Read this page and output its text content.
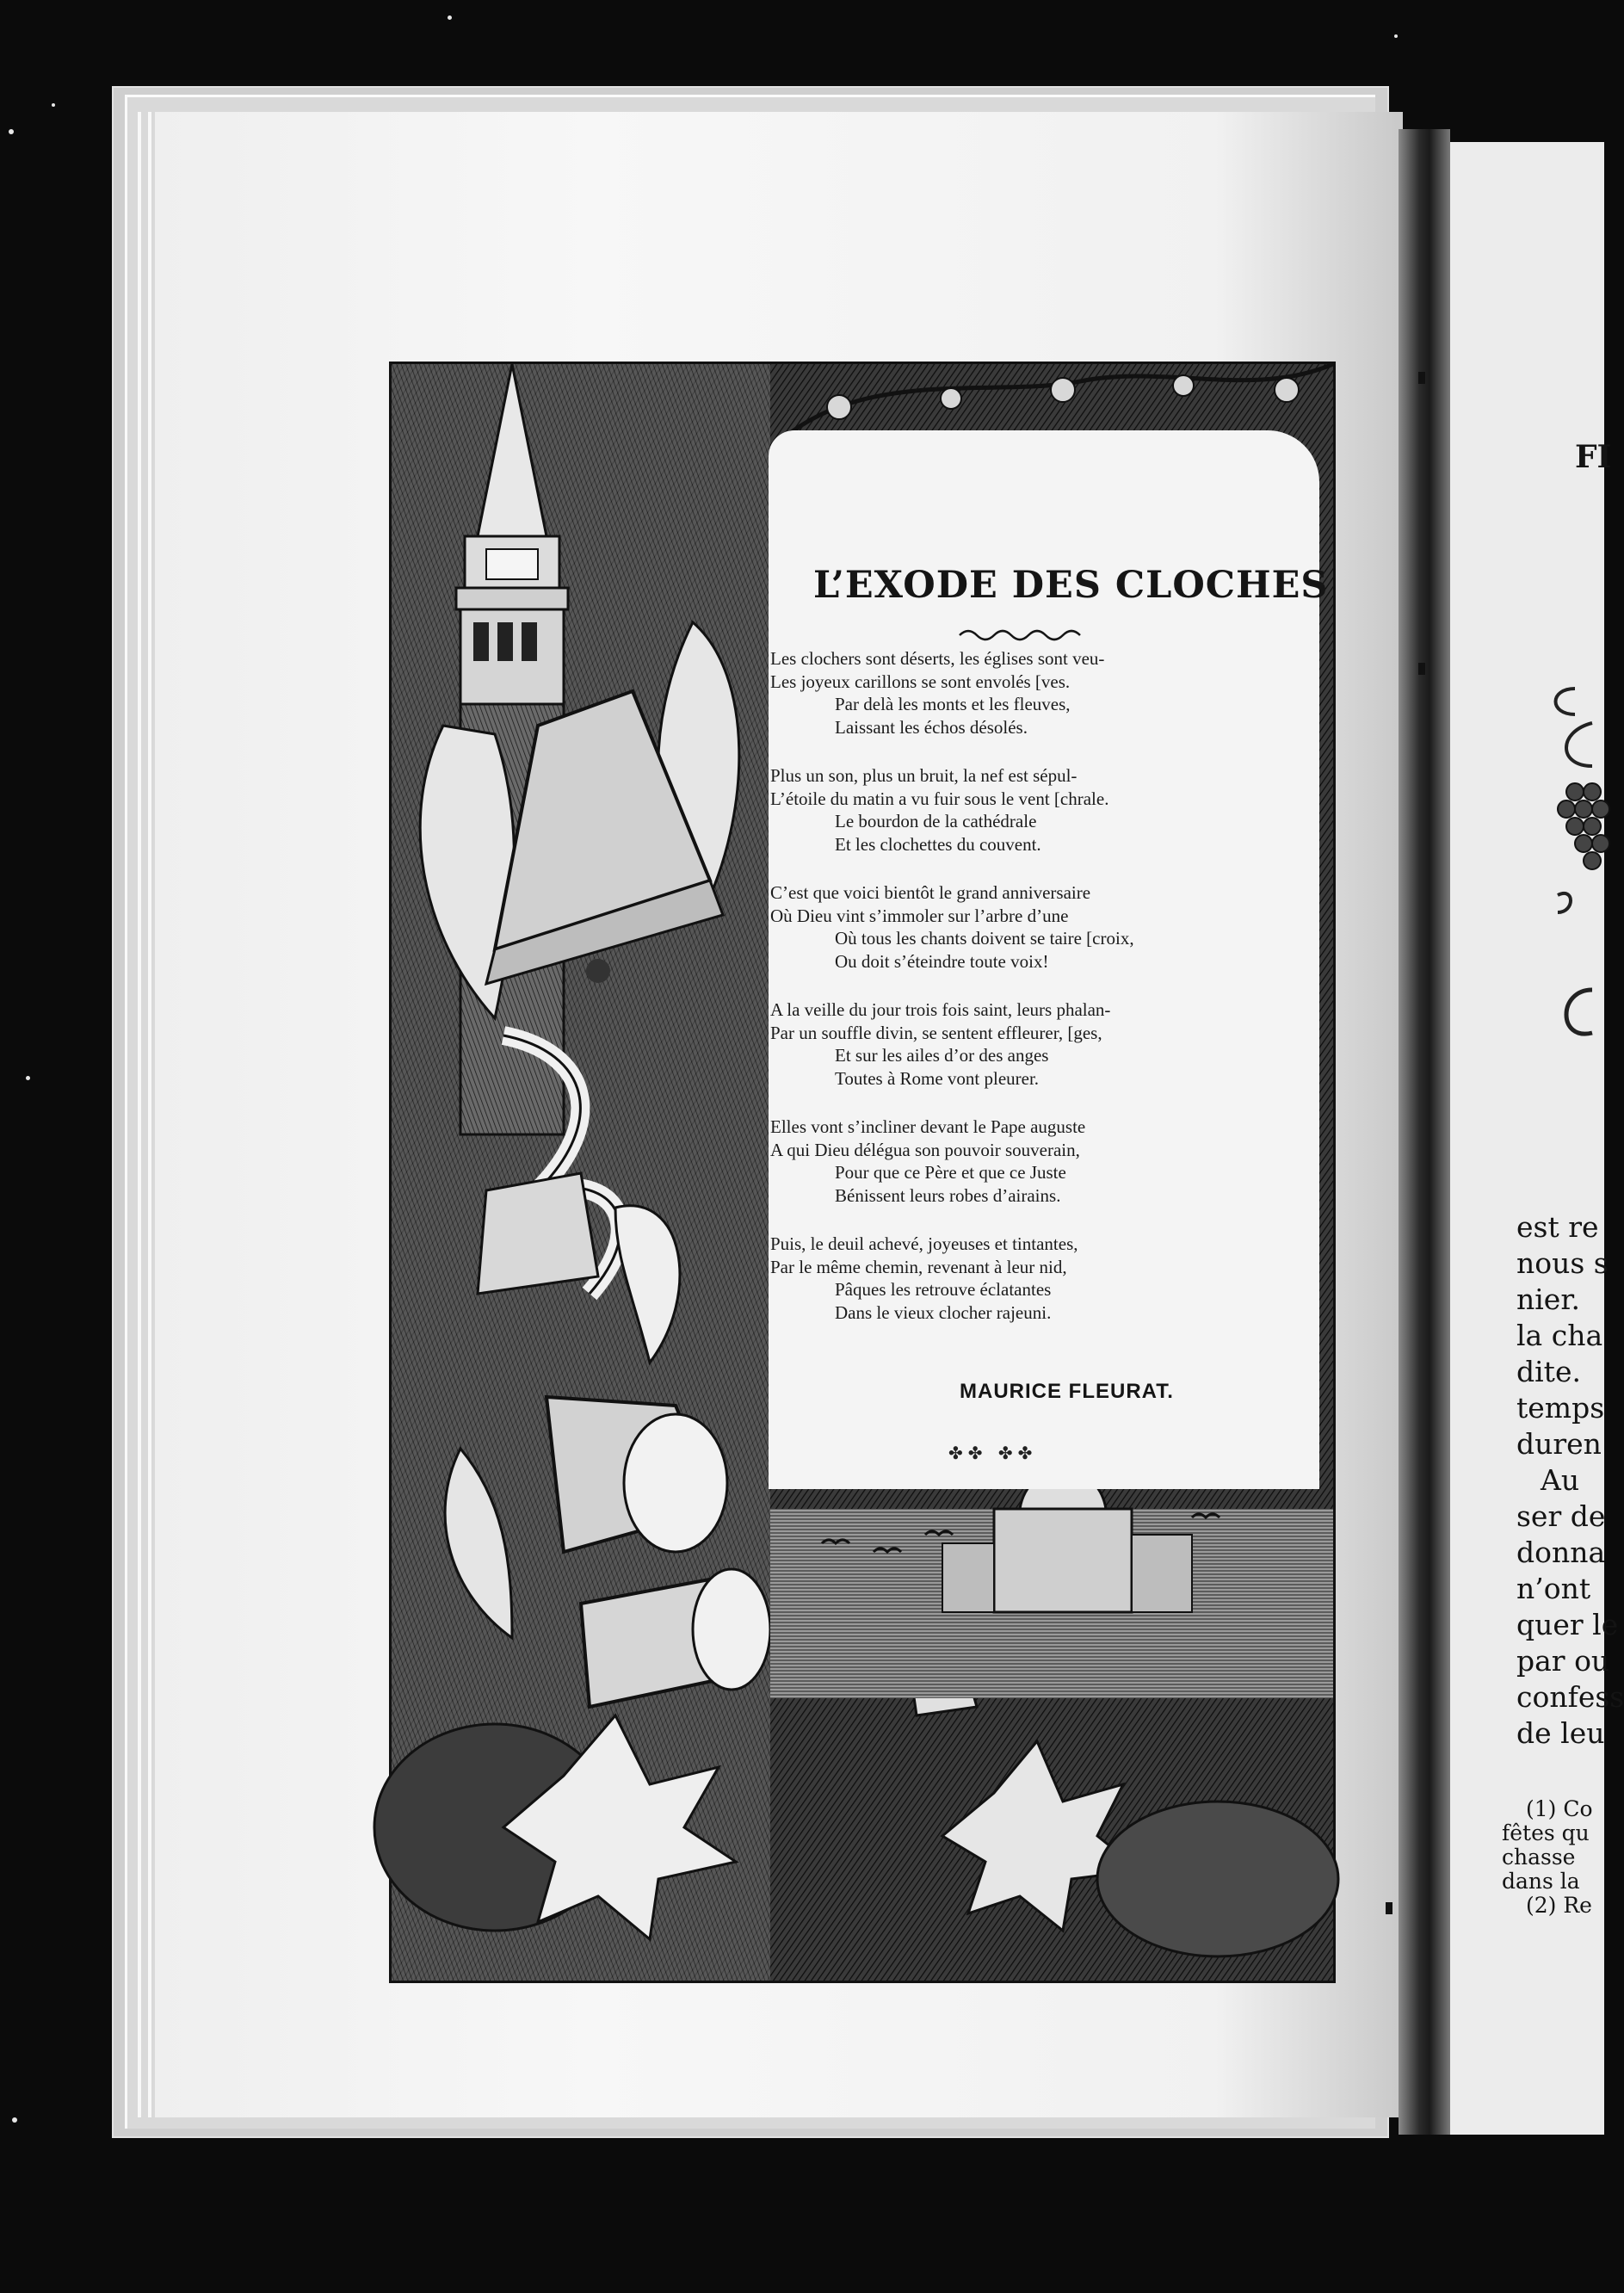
L’EXODE DES CLOCHES
Les clochers sont déserts, les églises sont veu-
Les joyeux carillons se sont envolés [ves.
Par delà les monts et les fleuves,
Laissant les échos désolés.
Plus un son, plus un bruit, la nef est sépul-
L’étoile du matin a vu fuir sous le vent [chrale.
Le bourdon de la cathédrale
Et les clochettes du couvent.
C’est que voici bientôt le grand anniversaire
Où Dieu vint s’immoler sur l’arbre d’une
Où tous les chants doivent se taire [croix,
Ou doit s’éteindre toute voix!
A la veille du jour trois fois saint, leurs phalan-
Par un souffle divin, se sentent effleurer, [ges,
Et sur les ailes d’or des anges
Toutes à Rome vont pleurer.
Elles vont s’incliner devant le Pape auguste
A qui Dieu délégua son pouvoir souverain,
Pour que ce Père et que ce Juste
Bénissent leurs robes d’airains.
Puis, le deuil achevé, joyeuses et tintantes,
Par le même chemin, revenant à leur nid,
Pâques les retrouve éclatantes
Dans le vieux clocher rajeuni.
MAURICE FLEURAT.
✤✤ ✤✤
FI
est re
nous s
nier.
la cha
dite.
temps
duren
Au
ser de
donna
n’ont
quer le
par ou
confess
de leu
(1) Co
fêtes qu
chasse
dans la
(2) Re
